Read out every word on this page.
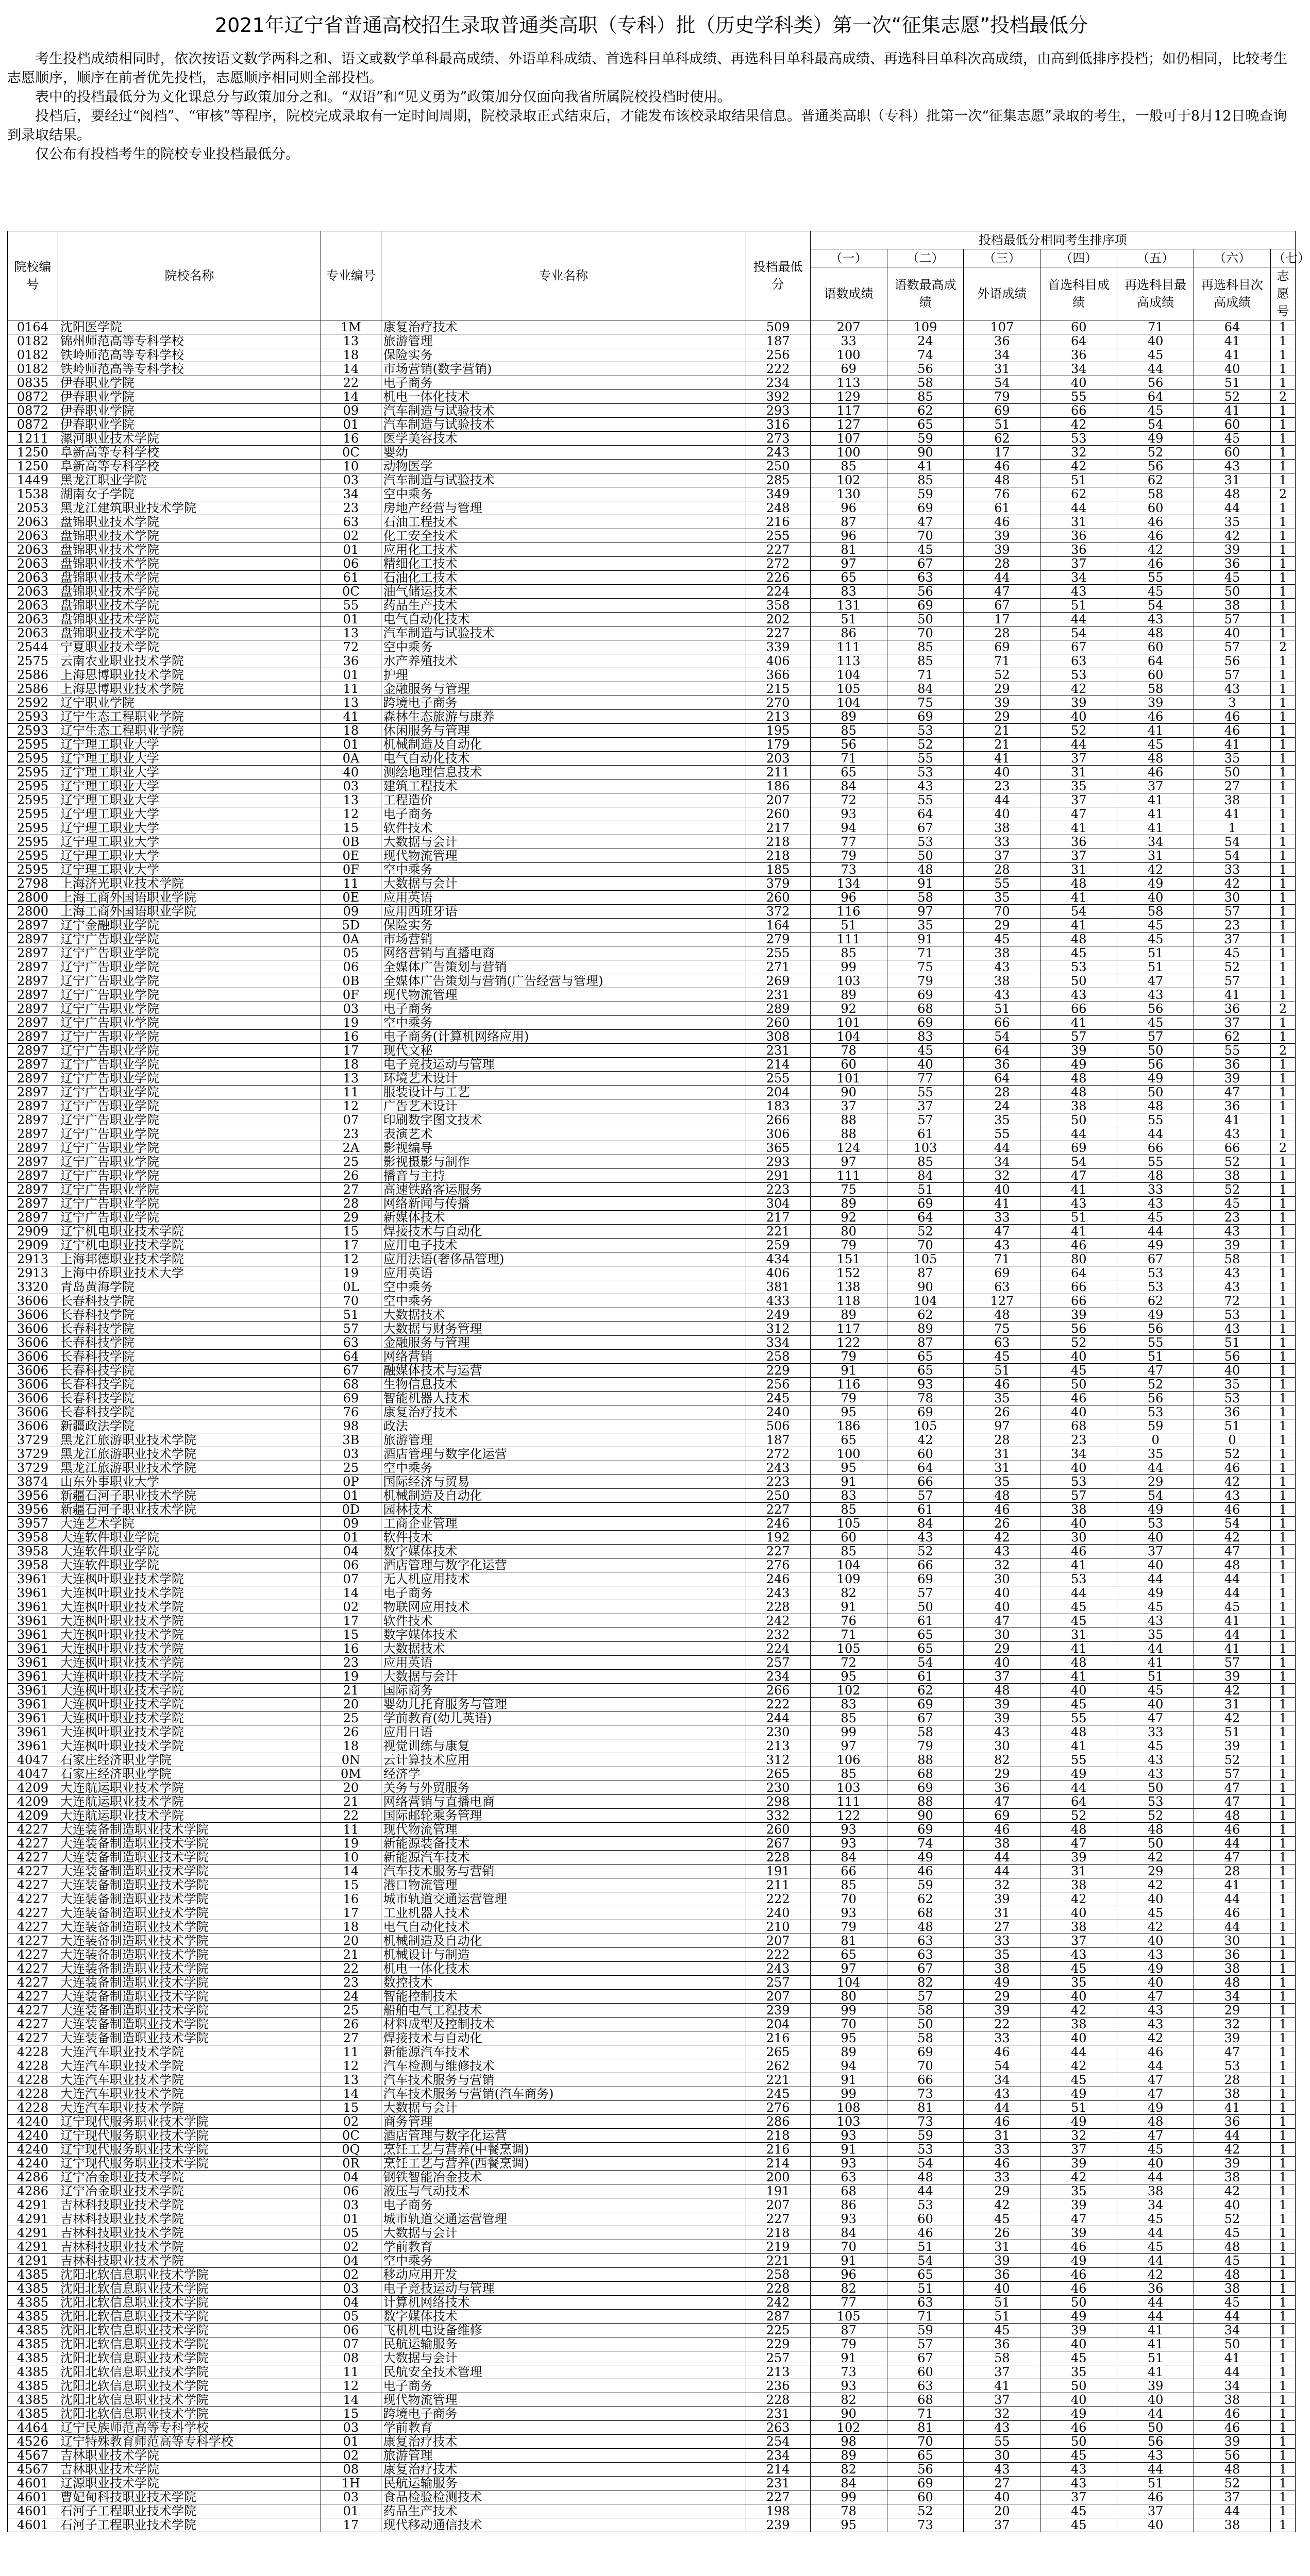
2021年辽宁省普通高校招生录取普通类高职（专科）批（历史学科类）第一次“征集志愿”投档最低分

考生投档成绩相同时，依次按语文数学两科之和、语文或数学单科最高成绩、外语单科成绩、首选科目单科成绩、再选科目单科最高成绩、再选科目单科次高成绩，由高到低排序投档；如仍相同，比较考生志愿顺序，顺序在前者优先投档，志愿顺序相同则全部投档。

表中的投档最低分为文化课总分与政策加分之和。“双语”和“见义勇为”政策加分仅面向我省所属院校投档时使用。

投档后，要经过“阅档”、“审核”等程序，院校完成录取有一定时间周期，院校录取正式结束后，才能发布该校录取结果信息。普通类高职（专科）批第一次“征集志愿”录取的考生，一般可于8月12日晚查询到录取结果。

仅公布有投档考生的院校专业投档最低分。

院校编号	院校名称	专业编号	专业名称	投档最低分	投档最低分相同考生排序项						
					（一）	（二）	（三）	（四）	（五）	（六）	（七）
					语数成绩	语数最高成绩	外语成绩	首选科目成绩	再选科目最高成绩	再选科目次高成绩	志愿号
0164	沈阳医学院	1M	康复治疗技术	509	207	109	107	60	71	64	1
0182	锦州师范高等专科学校	13	旅游管理	187	33	24	36	64	40	41	1
0182	铁岭师范高等专科学校	18	保险实务	256	100	74	34	36	45	41	1
0182	铁岭师范高等专科学校	14	市场营销(数字营销)	222	69	56	31	34	44	40	1
0835	伊春职业学院	22	电子商务	234	113	58	54	40	56	51	1
0872	伊春职业学院	14	机电一体化技术	392	129	85	79	55	64	52	2
0872	伊春职业学院	09	汽车制造与试验技术	293	117	62	69	66	45	41	1
0872	伊春职业学院	01	汽车制造与试验技术	316	127	65	51	42	54	60	1
1211	漯河职业技术学院	16	医学美容技术	273	107	59	62	53	49	45	1
1250	阜新高等专科学校	0C	婴幼	243	100	90	17	32	52	60	1
1250	阜新高等专科学校	10	动物医学	250	85	41	46	42	56	43	1
1449	黑龙江职业学院	03	汽车制造与试验技术	285	102	85	48	51	62	31	1
1538	湖南女子学院	34	空中乘务	349	130	59	76	62	58	48	2
2053	黑龙江建筑职业技术学院	23	房地产经营与管理	248	96	69	61	44	60	44	1
2063	盘锦职业技术学院	63	石油工程技术	216	87	47	46	31	46	35	1
2063	盘锦职业技术学院	02	化工安全技术	255	96	70	39	36	46	42	1
2063	盘锦职业技术学院	01	应用化工技术	227	81	45	39	36	42	39	1
2063	盘锦职业技术学院	06	精细化工技术	272	97	67	28	37	46	36	1
2063	盘锦职业技术学院	61	石油化工技术	226	65	63	44	34	55	45	1
2063	盘锦职业技术学院	0C	油气储运技术	224	83	56	47	43	45	50	1
2063	盘锦职业技术学院	55	药品生产技术	358	131	69	67	51	54	38	1
2063	盘锦职业技术学院	01	电气自动化技术	202	51	50	17	44	43	57	1
2063	盘锦职业技术学院	13	汽车制造与试验技术	227	86	70	28	54	48	40	1
2544	宁夏职业技术学院	72	空中乘务	339	111	85	69	67	60	57	2
2575	云南农业职业技术学院	36	水产养殖技术	406	113	85	71	63	64	56	1
2586	上海思博职业技术学院	01	护理	366	104	71	52	53	60	57	1
2586	上海思博职业技术学院	11	金融服务与管理	215	105	84	29	42	58	43	1
2592	辽宁职业学院	13	跨境电子商务	270	104	75	39	39	39	3	1
2593	辽宁生态工程职业学院	41	森林生态旅游与康养	213	89	69	29	40	46	46	1
2593	辽宁生态工程职业学院	18	休闲服务与管理	195	85	53	21	52	41	46	1
2595	辽宁理工职业大学	01	机械制造及自动化	179	56	52	21	44	45	41	1
2595	辽宁理工职业大学	0A	电气自动化技术	203	71	55	41	37	48	35	1
2595	辽宁理工职业大学	40	测绘地理信息技术	211	65	53	40	31	46	50	1
2595	辽宁理工职业大学	03	建筑工程技术	186	84	43	23	35	37	27	1
2595	辽宁理工职业大学	13	工程造价	207	72	55	44	37	41	38	1
2595	辽宁理工职业大学	12	电子商务	260	93	64	40	47	41	41	1
2595	辽宁理工职业大学	15	软件技术	217	94	67	38	41	41	1	1
2595	辽宁理工职业大学	0B	大数据与会计	218	77	53	33	36	34	54	1
2595	辽宁理工职业大学	0E	现代物流管理	218	79	50	37	37	31	54	1
2595	辽宁理工职业大学	0F	空中乘务	185	73	48	28	31	42	33	1
2798	上海济光职业技术学院	11	大数据与会计	379	134	91	55	48	49	42	1
2800	上海工商外国语职业学院	0E	应用英语	260	96	58	35	41	40	30	1
2800	上海工商外国语职业学院	09	应用西班牙语	372	116	97	70	54	58	57	1
2897	辽宁金融职业学院	5D	保险实务	164	51	35	29	41	45	23	1
2897	辽宁广告职业学院	0A	市场营销	279	111	91	45	48	45	37	1
2897	辽宁广告职业学院	05	网络营销与直播电商	255	85	71	38	45	51	45	1
2897	辽宁广告职业学院	06	全媒体广告策划与营销	271	99	75	43	53	51	52	1
2897	辽宁广告职业学院	0B	全媒体广告策划与营销(广告经营与管理)	269	103	79	38	50	47	57	1
2897	辽宁广告职业学院	0F	现代物流管理	231	89	69	43	43	43	41	1
2897	辽宁广告职业学院	03	电子商务	289	92	68	51	66	56	36	2
2897	辽宁广告职业学院	19	空中乘务	260	101	69	66	41	45	37	1
2897	辽宁广告职业学院	16	电子商务(计算机网络应用)	308	104	83	54	57	57	62	1
2897	辽宁广告职业学院	17	现代文秘	231	78	45	64	39	50	55	2
2897	辽宁广告职业学院	18	电子竞技运动与管理	214	60	40	36	49	56	36	1
2897	辽宁广告职业学院	13	环境艺术设计	255	101	77	64	48	49	39	1
2897	辽宁广告职业学院	11	服装设计与工艺	204	90	55	28	48	50	47	1
2897	辽宁广告职业学院	12	广告艺术设计	183	37	37	24	38	48	36	1
2897	辽宁广告职业学院	07	印刷数字图文技术	266	88	57	35	50	55	41	1
2897	辽宁广告职业学院	23	表演艺术	306	88	61	55	44	44	43	1
2897	辽宁广告职业学院	2A	影视编导	365	124	103	44	69	66	66	2
2897	辽宁广告职业学院	25	影视摄影与制作	293	97	85	34	54	55	52	1
2897	辽宁广告职业学院	26	播音与主持	291	111	84	32	47	48	38	1
2897	辽宁广告职业学院	27	高速铁路客运服务	223	75	51	40	41	33	52	1
2897	辽宁广告职业学院	28	网络新闻与传播	304	89	69	41	43	43	45	1
2897	辽宁广告职业学院	29	新媒体技术	217	92	64	33	51	45	23	1
2909	辽宁机电职业技术学院	15	焊接技术与自动化	221	80	52	47	41	44	43	1
2909	辽宁机电职业技术学院	17	应用电子技术	259	79	70	43	46	49	39	1
2913	上海邦德职业技术学院	12	应用法语(奢侈品管理)	434	151	105	71	80	67	58	1
2913	上海中侨职业技术大学	19	应用英语	406	152	87	69	64	53	43	1
3320	青岛黄海学院	0L	空中乘务	381	138	90	63	66	53	43	1
3606	长春科技学院	70	空中乘务	433	118	104	127	66	62	72	1
3606	长春科技学院	51	大数据技术	249	89	62	48	39	49	53	1
3606	长春科技学院	57	大数据与财务管理	312	117	89	75	56	56	43	1
3606	长春科技学院	63	金融服务与管理	334	122	87	63	52	55	51	1
3606	长春科技学院	64	网络营销	258	79	65	45	40	51	56	1
3606	长春科技学院	67	融媒体技术与运营	229	91	65	51	45	47	40	1
3606	长春科技学院	68	生物信息技术	256	116	93	46	50	52	35	1
3606	长春科技学院	69	智能机器人技术	245	79	78	35	46	56	53	1
3606	长春科技学院	76	康复治疗技术	240	95	69	26	40	53	36	1
3606	新疆政法学院	98	政法	506	186	105	97	68	59	51	1
3729	黑龙江旅游职业技术学院	3B	旅游管理	187	65	42	28	23	0	0	1
3729	黑龙江旅游职业技术学院	03	酒店管理与数字化运营	272	100	60	31	34	35	52	1
3729	黑龙江旅游职业技术学院	25	空中乘务	243	95	64	31	40	44	46	1
3874	山东外事职业大学	0P	国际经济与贸易	223	91	66	35	53	29	42	1
3956	新疆石河子职业技术学院	01	机械制造及自动化	250	83	57	48	57	54	43	1
3956	新疆石河子职业技术学院	0D	园林技术	227	85	61	46	38	49	46	1
3957	大连艺术学院	09	工商企业管理	246	105	84	26	40	53	54	1
3958	大连软件职业学院	01	软件技术	192	60	43	42	30	40	42	1
3958	大连软件职业学院	04	数字媒体技术	227	85	52	43	46	37	47	1
3958	大连软件职业学院	06	酒店管理与数字化运营	276	104	66	32	41	40	48	1
3961	大连枫叶职业技术学院	07	无人机应用技术	246	109	69	30	53	44	44	1
3961	大连枫叶职业技术学院	14	电子商务	243	82	57	40	44	49	44	1
3961	大连枫叶职业技术学院	02	物联网应用技术	228	91	50	40	45	45	45	1
3961	大连枫叶职业技术学院	17	软件技术	242	76	61	47	45	43	41	1
3961	大连枫叶职业技术学院	15	数字媒体技术	232	71	65	30	31	35	44	1
3961	大连枫叶职业技术学院	16	大数据技术	224	105	65	29	41	44	41	1
3961	大连枫叶职业技术学院	23	应用英语	257	72	54	40	48	41	57	1
3961	大连枫叶职业技术学院	19	大数据与会计	234	95	61	37	41	51	39	1
3961	大连枫叶职业技术学院	21	国际商务	266	102	62	48	40	45	42	1
3961	大连枫叶职业技术学院	20	婴幼儿托育服务与管理	222	83	69	39	45	40	31	1
3961	大连枫叶职业技术学院	25	学前教育(幼儿英语)	244	85	67	39	55	47	42	1
3961	大连枫叶职业技术学院	26	应用日语	230	99	58	43	48	33	51	1
3961	大连枫叶职业技术学院	18	视觉训练与康复	213	97	79	30	41	45	39	1
4047	石家庄经济职业学院	0N	云计算技术应用	312	106	88	82	55	43	52	1
4047	石家庄经济职业学院	0M	经济学	265	85	68	29	49	43	57	1
4209	大连航运职业技术学院	20	关务与外贸服务	230	103	69	36	44	50	47	1
4209	大连航运职业技术学院	21	网络营销与直播电商	298	111	88	47	64	53	47	1
4209	大连航运职业技术学院	22	国际邮轮乘务管理	332	122	90	69	52	52	48	1
4227	大连装备制造职业技术学院	11	现代物流管理	260	93	69	46	48	48	46	1
4227	大连装备制造职业技术学院	19	新能源装备技术	267	93	74	38	47	50	44	1
4227	大连装备制造职业技术学院	10	新能源汽车技术	228	84	49	44	39	42	47	1
4227	大连装备制造职业技术学院	14	汽车技术服务与营销	191	66	46	44	31	29	28	1
4227	大连装备制造职业技术学院	15	港口物流管理	211	85	59	32	38	42	41	1
4227	大连装备制造职业技术学院	16	城市轨道交通运营管理	222	70	62	39	42	40	44	1
4227	大连装备制造职业技术学院	17	工业机器人技术	240	93	68	31	40	45	46	1
4227	大连装备制造职业技术学院	18	电气自动化技术	210	79	48	27	38	42	44	1
4227	大连装备制造职业技术学院	20	机械制造及自动化	207	81	63	33	37	40	30	1
4227	大连装备制造职业技术学院	21	机械设计与制造	222	65	63	35	43	43	36	1
4227	大连装备制造职业技术学院	22	机电一体化技术	243	97	67	38	45	49	38	1
4227	大连装备制造职业技术学院	23	数控技术	257	104	82	49	35	40	48	1
4227	大连装备制造职业技术学院	24	智能控制技术	207	80	57	29	40	47	34	1
4227	大连装备制造职业技术学院	25	船舶电气工程技术	239	99	58	39	42	43	29	1
4227	大连装备制造职业技术学院	26	材料成型及控制技术	204	70	50	22	38	43	32	1
4227	大连装备制造职业技术学院	27	焊接技术与自动化	216	95	58	33	40	42	39	1
4228	大连汽车职业技术学院	11	新能源汽车技术	265	89	69	46	44	46	47	1
4228	大连汽车职业技术学院	12	汽车检测与维修技术	262	94	70	54	42	44	53	1
4228	大连汽车职业技术学院	13	汽车技术服务与营销	221	91	66	34	45	47	28	1
4228	大连汽车职业技术学院	14	汽车技术服务与营销(汽车商务)	245	99	73	43	49	47	38	1
4228	大连汽车职业技术学院	15	大数据与会计	276	108	81	44	51	49	41	1
4240	辽宁现代服务职业技术学院	02	商务管理	286	103	73	46	49	48	36	1
4240	辽宁现代服务职业技术学院	0C	酒店管理与数字化运营	218	93	59	31	32	47	44	1
4240	辽宁现代服务职业技术学院	0Q	烹饪工艺与营养(中餐烹调)	216	91	53	33	37	45	42	1
4240	辽宁现代服务职业技术学院	0R	烹饪工艺与营养(西餐烹调)	214	93	54	46	39	40	39	1
4286	辽宁冶金职业技术学院	04	钢铁智能冶金技术	200	63	48	33	42	44	38	1
4286	辽宁冶金职业技术学院	06	液压与气动技术	191	68	44	29	35	38	42	1
4291	吉林科技职业技术学院	03	电子商务	207	86	53	42	39	34	40	1
4291	吉林科技职业技术学院	01	城市轨道交通运营管理	227	93	60	45	47	45	52	1
4291	吉林科技职业技术学院	05	大数据与会计	218	84	46	26	39	44	45	1
4291	吉林科技职业技术学院	02	学前教育	219	70	51	31	46	45	48	1
4291	吉林科技职业技术学院	04	空中乘务	221	91	54	39	49	44	45	1
4385	沈阳北软信息职业技术学院	02	移动应用开发	258	96	65	36	46	42	48	1
4385	沈阳北软信息职业技术学院	03	电子竞技运动与管理	228	82	51	40	46	36	38	1
4385	沈阳北软信息职业技术学院	04	计算机网络技术	242	77	63	51	50	44	45	1
4385	沈阳北软信息职业技术学院	05	数字媒体技术	287	105	71	51	49	44	44	1
4385	沈阳北软信息职业技术学院	06	飞机机电设备维修	225	87	59	45	39	41	34	1
4385	沈阳北软信息职业技术学院	07	民航运输服务	229	79	57	36	40	41	50	1
4385	沈阳北软信息职业技术学院	08	大数据与会计	257	91	67	58	45	51	41	1
4385	沈阳北软信息职业技术学院	11	民航安全技术管理	213	73	60	37	35	41	44	1
4385	沈阳北软信息职业技术学院	12	电子商务	236	93	63	41	50	39	34	1
4385	沈阳北软信息职业技术学院	14	现代物流管理	228	82	68	37	40	40	38	1
4385	沈阳北软信息职业技术学院	15	跨境电子商务	231	90	71	32	49	44	46	1
4464	辽宁民族师范高等专科学校	03	学前教育	263	102	81	43	46	50	46	1
4526	辽宁特殊教育师范高等专科学校	01	康复治疗技术	254	98	70	55	50	56	39	1
4567	吉林职业技术学院	02	旅游管理	234	89	65	30	45	43	56	1
4567	吉林职业技术学院	08	康复治疗技术	214	82	56	43	43	44	48	1
4601	辽源职业技术学院	1H	民航运输服务	231	84	69	27	43	51	52	1
4601	曹妃甸科技职业技术学院	03	食品检验检测技术	227	99	60	40	37	46	37	1
4601	石河子工程职业技术学院	01	药品生产技术	198	78	52	20	45	37	44	1
4601	石河子工程职业技术学院	17	现代移动通信技术	239	95	73	37	45	40	38	1
